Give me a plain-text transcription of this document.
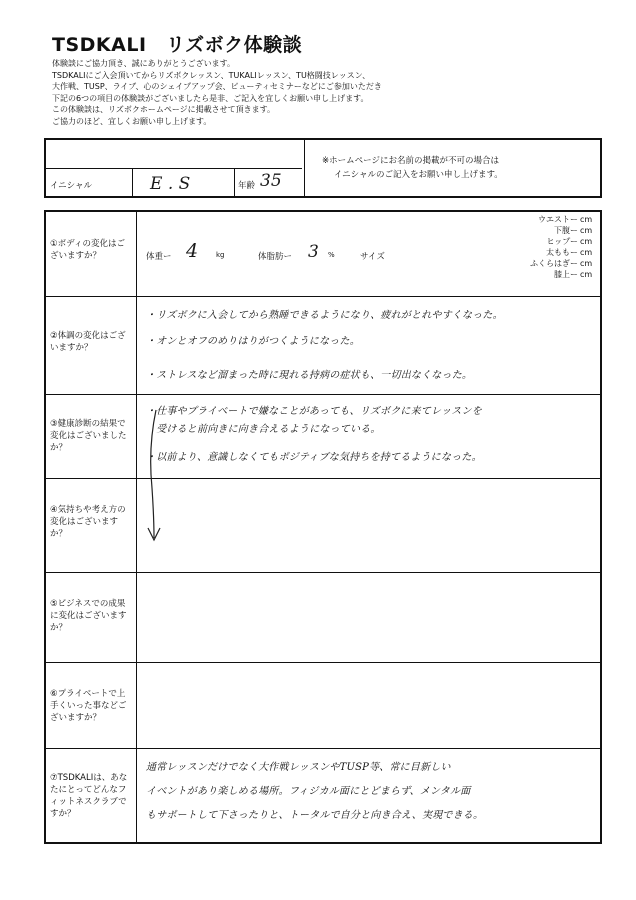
TSDKALI　リズボク体験談
体験談にご協力頂き、誠にありがとうございます。
TSDKALIにご入会頂いてからリズボクレッスン、TUKALIレッスン、TU格闘技レッスン、
大作戦、TUSP、ライブ、心のシェイプアップ会、ビューティセミナーなどにご参加いただき
下記の6つの項目の体験談がございましたら是非、ご記入を宜しくお願い申し上げます。
この体験談は、リズボクホームページに掲載させて頂きます。
ご協力のほど、宜しくお願い申し上げます。
イニシャル	E . S	年齢 35
※ホームページにお名前の掲載が不可の場合は
イニシャルのご記入をお願い申し上げます。
①ボディの変化はございますか？	体重ー 4	kg	体脂肪ー 3 %	サイズ
ウエストー cm
下腹ー cm
ヒップー cm
太ももー cm
ふくらはぎー cm
膝上ー cm
②体調の変化はございますか？
・リズボクに入会してから熟睡できるようになり、疲れがとれやすくなった。
・オンとオフのめりはりがつくようになった。
・ストレスなど溜まった時に現れる持病の症状も、一切出なくなった。
③健康診断の結果で変化はございましたか？
・仕事やプライベートで嫌なことがあっても、リズボクに来てレッスンを
　受けると前向きに向き合えるようになっている。
・以前より、意識しなくてもポジティブな気持ちを持てるようになった。
④気持ちや考え方の変化はございますか？
⑤ビジネスでの成果に変化はございますか？
⑥プライベートで上手くいった事などございますか？
⑦TSDKALIは、あなたにとってどんなフィットネスクラブですか？
通常レッスンだけでなく大作戦レッスンやTUSP等、常に目新しい
イベントがあり楽しめる場所。フィジカル面にとどまらず、メンタル面
もサポートして下さったりと、トータルで自分と向き合え、実現できる。
